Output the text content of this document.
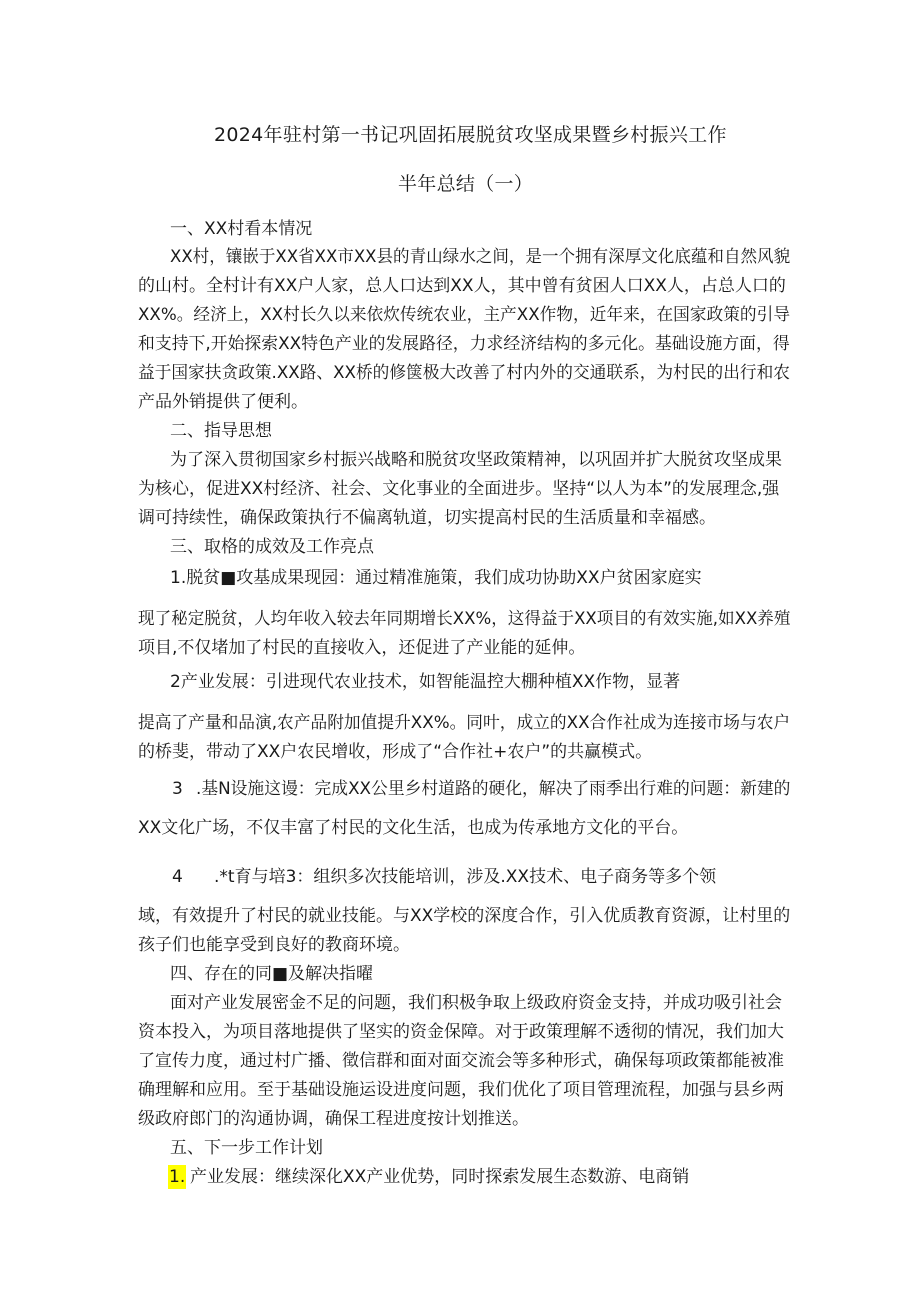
2024年驻村第一书记巩固拓展脱贫攻坚成果暨乡村振兴工作
半年总结（一）
一、XX村看本情况
XX村，镶嵌于XX省XX市XX县的青山绿水之间，是一个拥有深厚文化底蕴和自然风貌
的山村。全村计有XX户人家，总人口达到XX人，其中曾有贫困人口XX人，占总人口的
XX%。经济上，XX村长久以来依炊传统农业，主产XX作物，近年来，在国家政策的引导
和支持下,开始探索XX特色产业的发展路径，力求经济结构的多元化。基础设施方面，得
益于国家扶贪政策.XX路、XX桥的修箧极大改善了村内外的交通联系，为村民的出行和农
产品外销提供了便利。
二、指导思想
为了深入贯彻国家乡村振兴战略和脱贫攻坚政策精神，以巩固并扩大脱贫攻坚成果
为核心，促进XX村经济、社会、文化事业的全面进步。坚持“以人为本”的发展理念,强
调可持续性，确保政策执行不偏离轨道，切实提高村民的生活质量和幸福感。
三、取格的成效及工作亮点
1.脱贫■攻基成果现园：通过精准施策，我们成功协助XX户贫困家庭实
现了秘定脱贫，人均年收入较去年同期增长XX%，这得益于XX项目的有效实施,如XX养殖
项目,不仅堵加了村民的直接收入，还促进了产业能的延伸。
2产业发展：引进现代农业技术，如智能温控大棚种植XX作物，显著
提高了产量和品演,农产品附加值提升XX%。同叶，成立的XX合作社成为连接市场与农户
的桥斐，带动了XX户农民增收，形成了“合作社+农户”的共赢模式。
3 .基N设施这谩：完成XX公里乡村道路的硬化，解决了雨季出行难的问题：新建的
XX文化广场，不仅丰富了村民的文化生活，也成为传承地方文化的平台。
4 .*t育与培3：组织多次技能培训，涉及.XX技术、电子商务等多个领
域，有效提升了村民的就业技能。与XX学校的深度合作，引入优质教育资源，让村里的
孩子们也能享受到良好的教商环境。
四、存在的同■及解决指曜
面对产业发展密金不足的问题，我们积极争取上级政府资金支持，并成功吸引社会
资本投入，为项目落地提供了坚实的资金保障。对于政策理解不透彻的情况，我们加大
了宣传力度，通过村广播、徵信群和面对面交流会等多种形式，确保每项政策都能被准
确理解和应用。至于基础设施运设进度问题，我们优化了项目管理流程，加强与县乡两
级政府郎门的沟通协调，确保工程进度按计划推送。
五、下一步工作计划
1. 产业发展：继续深化XX产业优势，同时探索发展生态数游、电商销
